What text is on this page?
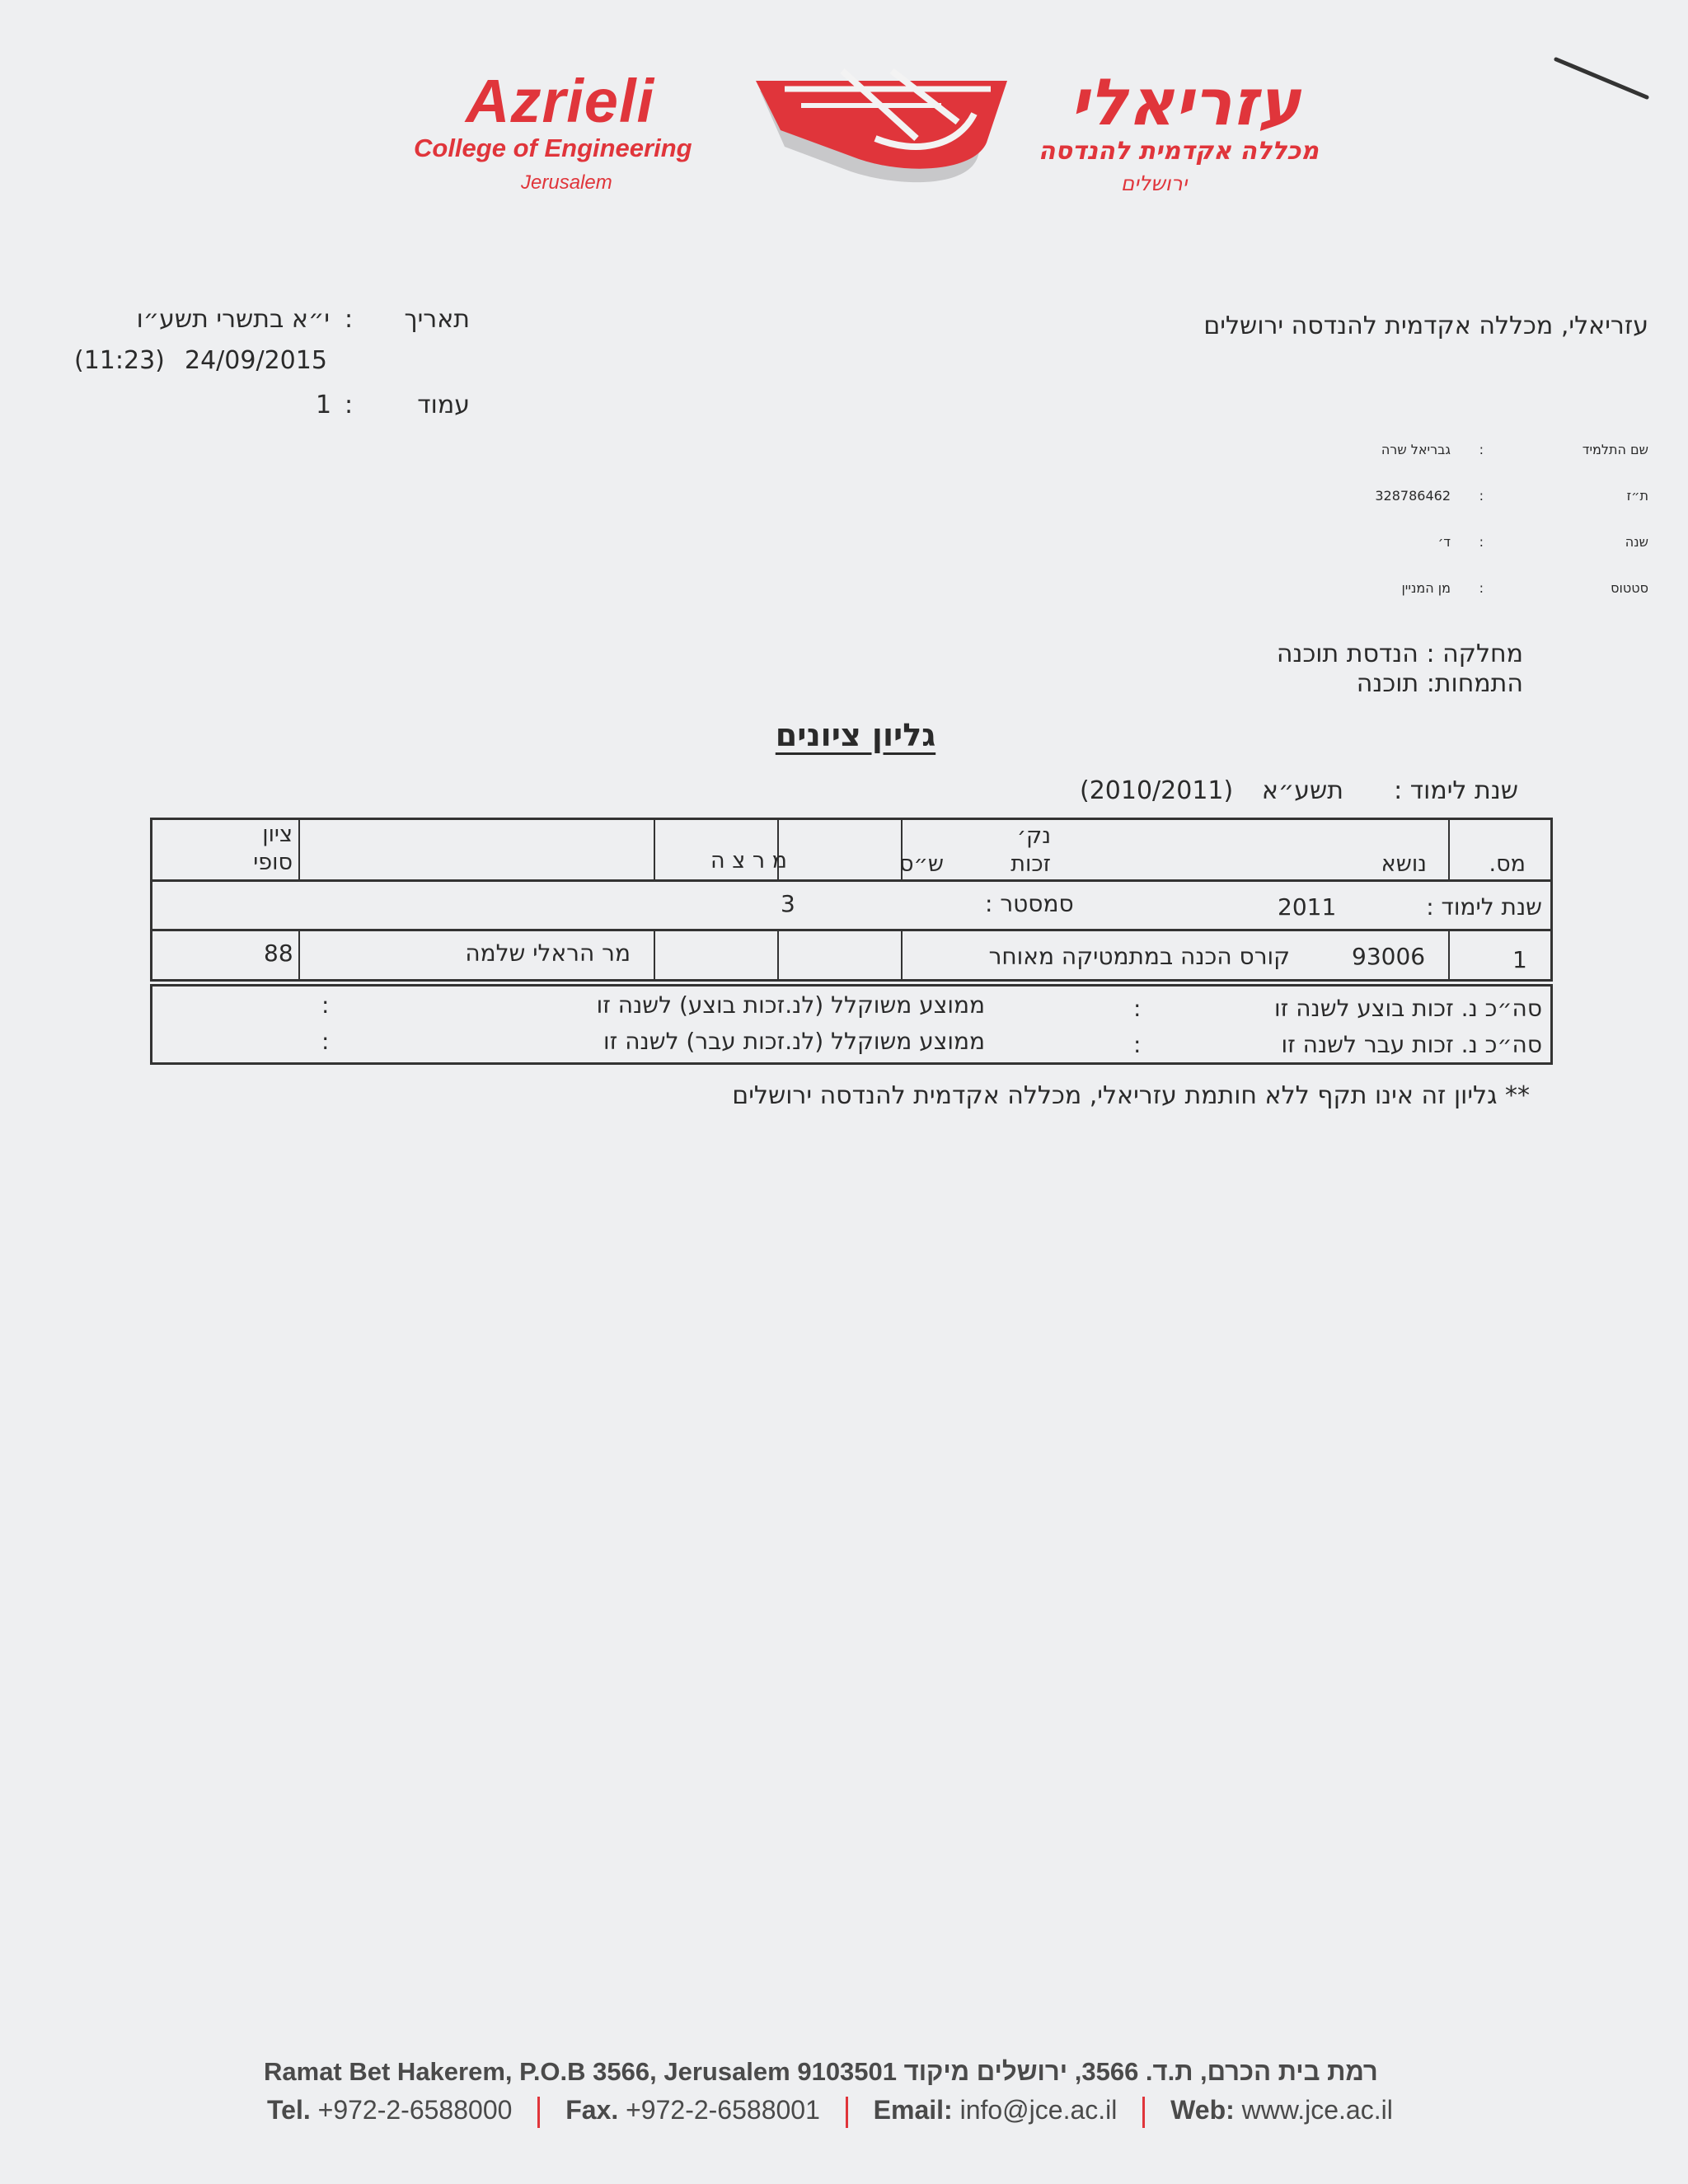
Azrieli
College of Engineering
Jerusalem
עזריאלי
מכללה אקדמית להנדסה
ירושלים
עזריאלי, מכללה אקדמית להנדסה ירושלים
תאריך
:
י״א בתשרי תשע״ו
(11:23) 24/09/2015
עמוד
:
1
שם התלמיד
:
גבריאל שרה
ת״ז
:
328786462
שנה
:
ד׳
סטטוס
:
מן המניין
מחלקה : הנדסת תוכנה
התמחות: תוכנה
גליון ציונים
שנת לימוד :
תשע״א
(2010/2011)
מס.
נושא
נק׳
זכות
ש״ס
מ ר צ ה
ציון
סופי
שנת לימוד :
2011
סמסטר :
3
1
93006
קורס הכנה במתמטיקה מאוחר
מר הראלי שלמה
88
סה״כ נ. זכות בוצע לשנה זו
:
סה״כ נ. זכות עבר לשנה זו
:
ממוצע משוקלל (לנ.זכות בוצע) לשנה זו
:
ממוצע משוקלל (לנ.זכות עבר) לשנה זו
:
** גליון זה אינו תקף ללא חותמת עזריאלי, מכללה אקדמית להנדסה ירושלים
Ramat Bet Hakerem, P.O.B 3566, Jerusalem 9103501 רמת בית הכרם, ת.ד. 3566, ירושלים מיקוד
Tel. +972-2-6588000 Fax. +972-2-6588001 Email: info@jce.ac.il Web: www.jce.ac.il
